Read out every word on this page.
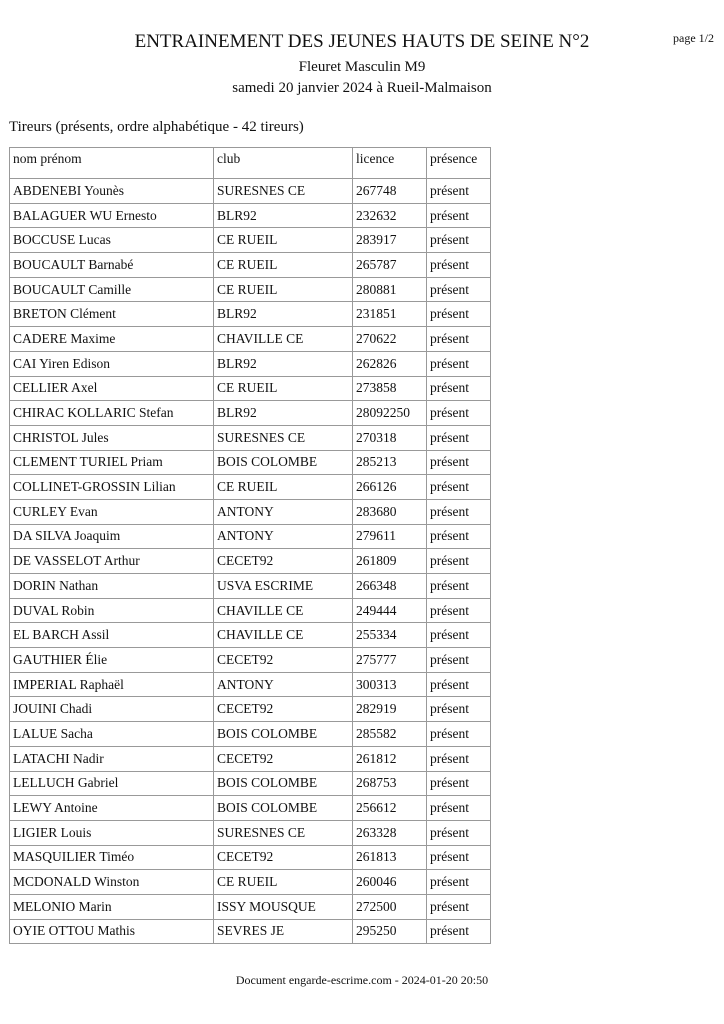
ENTRAINEMENT DES JEUNES HAUTS DE SEINE N°2	page 1/2
Fleuret Masculin M9
samedi 20 janvier 2024 à Rueil-Malmaison
Tireurs (présents, ordre alphabétique - 42 tireurs)
nom prénom	club	licence	présence
ABDENEBI Younès	SURESNES CE	267748	présent
BALAGUER WU Ernesto	BLR92	232632	présent
BOCCUSE Lucas	CE RUEIL	283917	présent
BOUCAULT Barnabé	CE RUEIL	265787	présent
BOUCAULT Camille	CE RUEIL	280881	présent
BRETON Clément	BLR92	231851	présent
CADERE Maxime	CHAVILLE CE	270622	présent
CAI Yiren Edison	BLR92	262826	présent
CELLIER Axel	CE RUEIL	273858	présent
CHIRAC KOLLARIC Stefan	BLR92	28092250	présent
CHRISTOL Jules	SURESNES CE	270318	présent
CLEMENT TURIEL Priam	BOIS COLOMBE	285213	présent
COLLINET-GROSSIN Lilian	CE RUEIL	266126	présent
CURLEY Evan	ANTONY	283680	présent
DA SILVA Joaquim	ANTONY	279611	présent
DE VASSELOT Arthur	CECET92	261809	présent
DORIN Nathan	USVA ESCRIME	266348	présent
DUVAL Robin	CHAVILLE CE	249444	présent
EL BARCH Assil	CHAVILLE CE	255334	présent
GAUTHIER Élie	CECET92	275777	présent
IMPERIAL Raphaël	ANTONY	300313	présent
JOUINI Chadi	CECET92	282919	présent
LALUE Sacha	BOIS COLOMBE	285582	présent
LATACHI Nadir	CECET92	261812	présent
LELLUCH Gabriel	BOIS COLOMBE	268753	présent
LEWY Antoine	BOIS COLOMBE	256612	présent
LIGIER Louis	SURESNES CE	263328	présent
MASQUILIER Timéo	CECET92	261813	présent
MCDONALD Winston	CE RUEIL	260046	présent
MELONIO Marin	ISSY MOUSQUE	272500	présent
OYIE OTTOU Mathis	SEVRES JE	295250	présent
Document engarde-escrime.com - 2024-01-20 20:50
